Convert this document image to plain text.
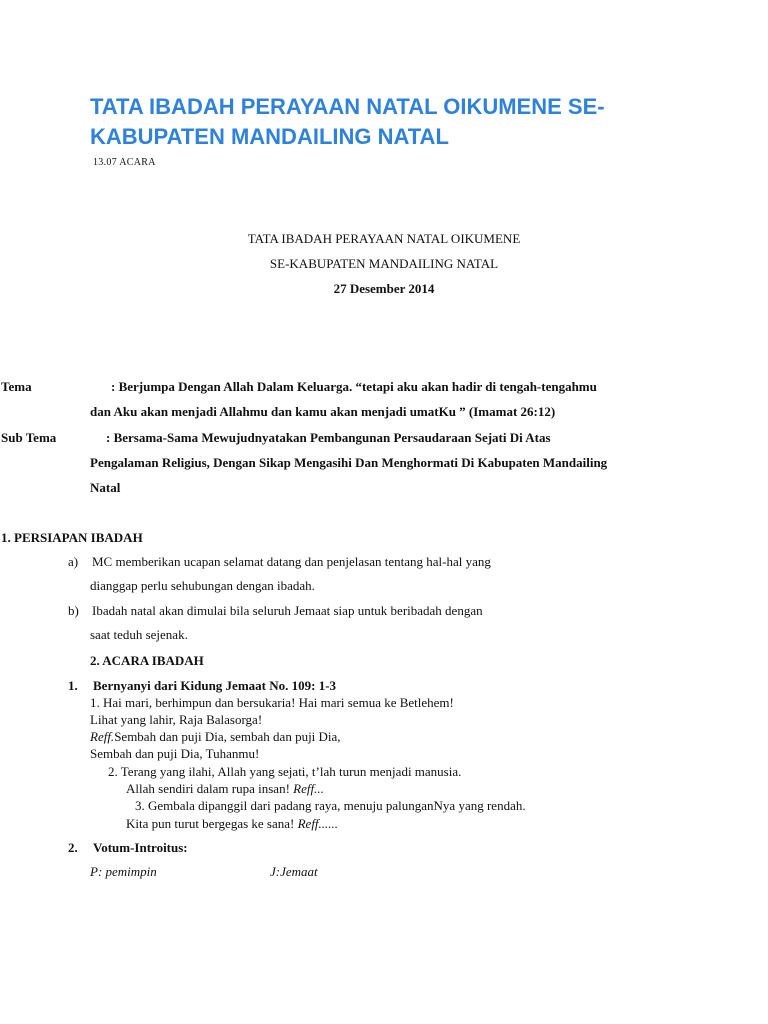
TATA IBADAH PERAYAAN NATAL OIKUMENE SE-KABUPATEN MANDAILING NATAL
13.07 ACARA
TATA IBADAH PERAYAAN NATAL OIKUMENE
SE-KABUPATEN MANDAILING NATAL
27 Desember 2014
Tema	: Berjumpa Dengan Allah Dalam Keluarga. “tetapi aku akan hadir di tengah-tengahmu
dan Aku akan menjadi Allahmu dan kamu akan menjadi umatKu ” (Imamat 26:12)
Sub Tema	: Bersama-Sama Mewujudnyatakan Pembangunan Persaudaraan Sejati Di Atas
Pengalaman Religius, Dengan Sikap Mengasihi Dan Menghormati Di Kabupaten Mandailing
Natal
1. PERSIAPAN IBADAH
a) MC memberikan ucapan selamat datang dan penjelasan tentang hal-hal yang
dianggap perlu sehubungan dengan ibadah.
b) Ibadah natal akan dimulai bila seluruh Jemaat siap untuk beribadah dengan
saat teduh sejenak.
2. ACARA IBADAH
1. Bernyanyi dari Kidung Jemaat No. 109: 1-3
1. Hai mari, berhimpun dan bersukaria! Hai mari semua ke Betlehem!
Lihat yang lahir, Raja Balasorga!
Reff.Sembah dan puji Dia, sembah dan puji Dia,
Sembah dan puji Dia, Tuhanmu!
2. Terang yang ilahi, Allah yang sejati, t’lah turun menjadi manusia.
Allah sendiri dalam rupa insan! Reff...
3. Gembala dipanggil dari padang raya, menuju palunganNya yang rendah.
Kita pun turut bergegas ke sana! Reff......
2. Votum-Introitus:
P: pemimpin	J:Jemaat
